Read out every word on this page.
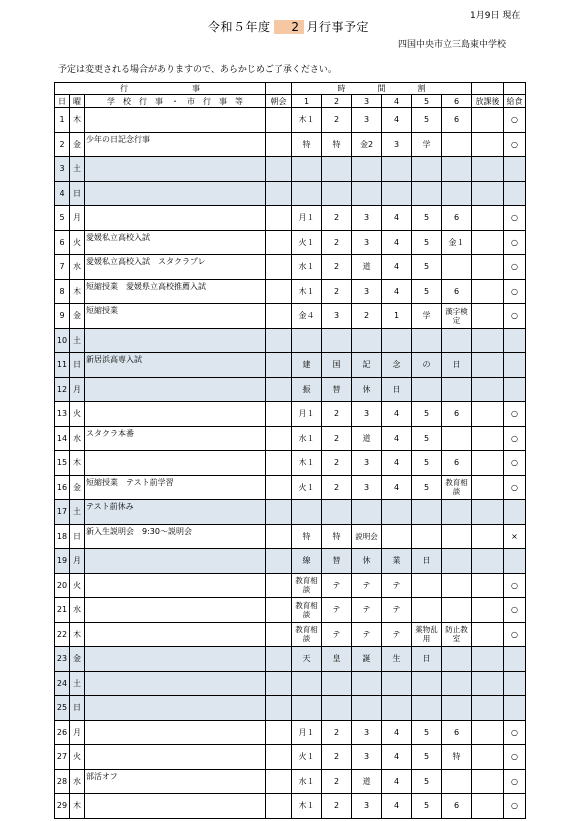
1月9日 現在
令和５年度 2 月行事予定
四国中央市立三島東中学校
予定は変更される場合がありますので、あらかじめご了承ください。
行　　　　　　　　事				時　　　　間　　　　割							
日	曜	学　校　行　事　・　市　行　事　等	朝会	1	2	3	4	5	6	放課後	給食
1	木			木１	2	3	4	5	6		○
2	金	少年の日記念行事		特	特	金2	3	学			○
3	土										
4	日										
5	月			月１	2	3	4	5	6		○
6	火	愛媛私立高校入試		火１	2	3	4	5	金１		○
7	水	愛媛私立高校入試　スタクラプレ		水１	2	道	4	5			○
8	木	短縮授業　愛媛県立高校推薦入試		木１	2	3	4	5	6		○
9	金	短縮授業		金４	3	2	1	学	漢字検定		○
10	土										
11	日	新居浜高専入試		建	国	記	念	の	日		
12	月			振	替	休	日				
13	火			月１	2	3	4	5	6		○
14	水	スタクラ本番		水１	2	道	4	5			○
15	木			木１	2	3	4	5	6		○
16	金	短縮授業　テスト前学習		火１	2	3	4	5	教育相談		○
17	土	テスト前休み									
18	日	新入生説明会　9:30～説明会		特	特	説明会					×
19	月			線	替	休	業	日			
20	火			教育相談	テ	テ	テ				○
21	水			教育相談	テ	テ	テ				○
22	木			教育相談	テ	テ	テ	薬物乱用	防止教室		○
23	金			天	皇	誕	生	日			
24	土										
25	日										
26	月			月１	2	3	4	5	6		○
27	火			火１	2	3	4	5	特		○
28	水	部活オフ		水１	2	道	4	5			○
29	木			木１	2	3	4	5	6		○
